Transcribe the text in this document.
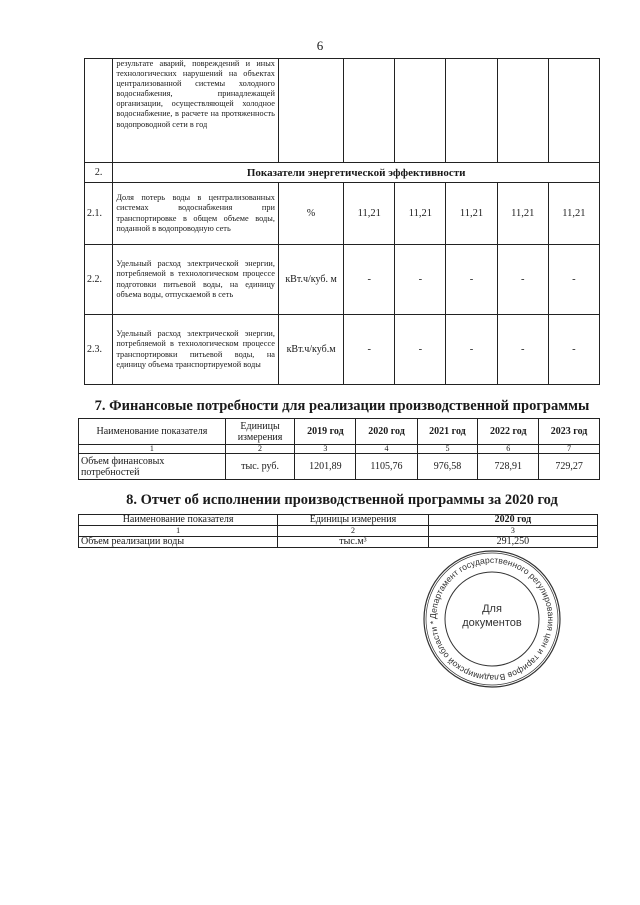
6
	результате аварий, повреждений и иных технологических нарушений на объектах централизованной системы холодного водоснабжения, принадлежащей организации, осуществляющей холодное водоснабжение, в расчете на протяженность водопроводной сети в год						
2.	Показатели энергетической эффективности						
2.1.	Доля потерь воды в централизованных системах водоснабжения при транспортировке в общем объеме воды, поданной в водопроводную сеть	%	11,21	11,21	11,21	11,21	11,21
2.2.	Удельный расход электрической энергии, потребляемой в технологическом процессе подготовки питьевой воды, на единицу объема воды, отпускаемой в сеть	кВт.ч/куб. м	-	-	-	-	-
2.3.	Удельный расход электрической энергии, потребляемой в технологическом процессе транспортировки питьевой воды, на единицу объема транспортируемой воды	кВт.ч/куб.м	-	-	-	-	-
7. Финансовые потребности для реализации производственной программы
Наименование показателя	Единицы измерения	2019 год	2020 год	2021 год	2022 год	2023 год
1	2	3	4	5	6	7
Объем финансовых потребностей	тыс. руб.	1201,89	1105,76	976,58	728,91	729,27
8. Отчет об исполнении производственной программы за 2020 год
Наименование показателя	Единицы измерения	2020 год
1	2	3
Объем реализации воды	тыс.м³	291,250
Департамент государственного регулирования цен и тарифов Владимирской области *
Для
документов
